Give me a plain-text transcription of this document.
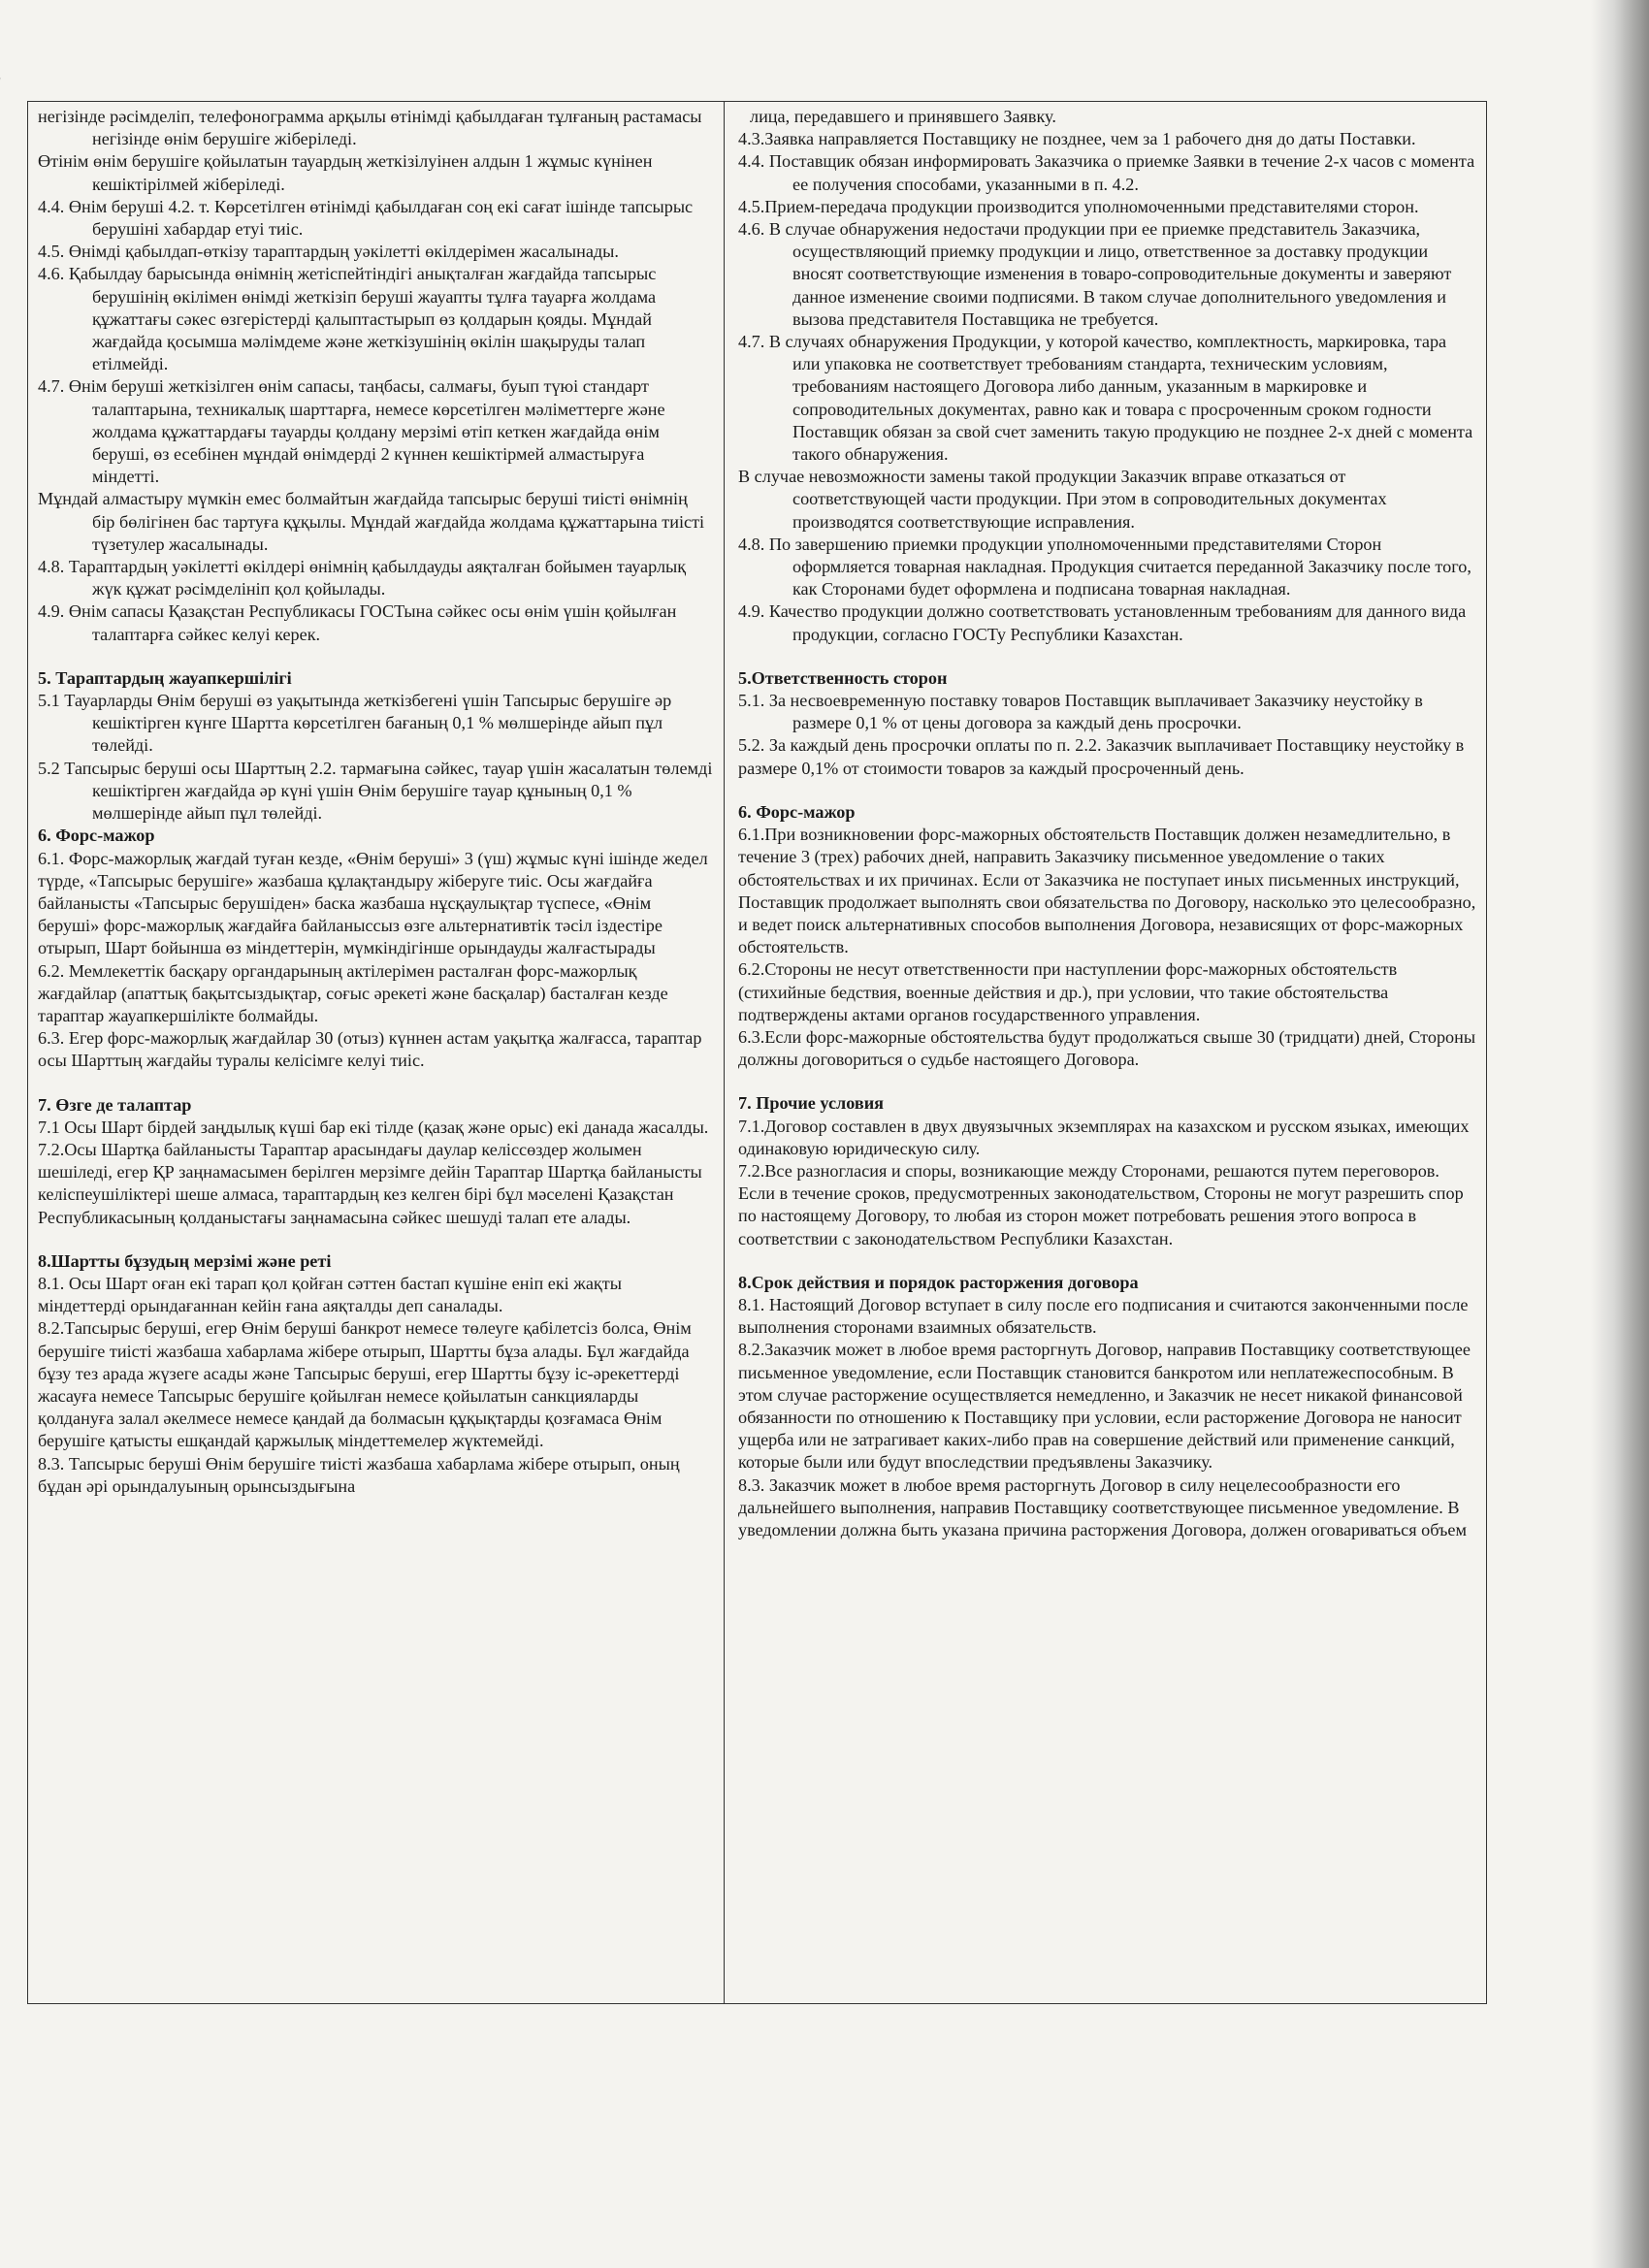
негізінде рәсімделіп, телефонограмма арқылы өтінімді қабылдаған тұлғаның растамасы негізінде өнім берушіге жіберіледі.

Өтінім өнім берушіге қойылатын тауардың жеткізілуінен алдын 1 жұмыс күнінен кешіктірілмей жіберіледі.

4.4. Өнім беруші 4.2. т. Көрсетілген өтінімді қабылдаған соң екі сағат ішінде тапсырыс берушіні хабардар етуі тиіс.

4.5. Өнімді қабылдап-өткізу тараптардың уәкілетті өкілдерімен жасалынады.

4.6. Қабылдау барысында өнімнің жетіспейтіндігі анықталған жағдайда тапсырыс берушінің өкілімен өнімді жеткізіп беруші жауапты тұлға тауарға жолдама құжаттағы сәкес өзгерістерді қалыптастырып өз қолдарын қояды. Мұндай жағдайда қосымша мәлімдеме және жеткізушінің өкілін шақыруды талап етілмейді.

4.7. Өнім беруші жеткізілген өнім сапасы, таңбасы, салмағы, буып түюі стандарт талаптарына, техникалық шарттарға, немесе көрсетілген мәліметтерге және жолдама құжаттардағы тауарды қолдану мерзімі өтіп кеткен жағдайда өнім беруші, өз есебінен мұндай өнімдерді 2 күннен кешіктірмей алмастыруға міндетті.

Мұндай алмастыру мүмкін емес болмайтын жағдайда тапсырыс беруші тиісті өнімнің бір бөлігінен бас тартуға құқылы. Мұндай жағдайда жолдама құжаттарына тиісті түзетулер жасалынады.

4.8. Тараптардың уәкілетті өкілдері өнімнің қабылдауды аяқталған бойымен тауарлық жүк құжат рәсімделініп қол қойылады.

4.9. Өнім сапасы Қазақстан Республикасы ГОСТына сәйкес осы өнім үшін қойылған талаптарға сәйкес келуі керек.

5. Тараптардың жауапкершілігі

5.1 Тауарларды Өнім беруші өз уақытында жеткізбегені үшін Тапсырыс берушіге әр кешіктірген күнге Шартта көрсетілген бағаның 0,1 % мөлшерінде айып пұл төлейді.

5.2 Тапсырыс беруші осы Шарттың 2.2. тармағына сәйкес, тауар үшін жасалатын төлемді кешіктірген жағдайда әр күні үшін Өнім берушіге тауар құнының 0,1 % мөлшерінде айып пұл төлейді.

6. Форс-мажор

6.1. Форс-мажорлық жағдай туған кезде, «Өнім беруші» 3 (үш) жұмыс күні ішінде жедел түрде, «Тапсырыс берушіге» жазбаша құлақтандыру жіберуге тиіс. Осы жағдайға байланысты «Тапсырыс берушіден» баска жазбаша нұсқаулықтар түспесе, «Өнім беруші» форс-мажорлық жағдайға байланыссыз өзге альтернативтік тәсіл іздестіре отырып, Шарт бойынша өз міндеттерін, мүмкіндігінше орындауды жалғастырады

6.2. Мемлекеттік басқару органдарының актілерімен расталған форс-мажорлық жағдайлар (апаттық бақытсыздықтар, соғыс әрекеті және басқалар) басталған кезде тараптар жауапкершілікте болмайды.

6.3. Егер форс-мажорлық жағдайлар 30 (отыз) күннен астам уақытқа жалғасса, тараптар осы Шарттың жағдайы туралы келісімге келуі тиіс.

7. Өзге де талаптар

7.1 Осы Шарт бірдей заңдылық күші бар екі тілде (қазақ және орыс) екі данада жасалды.

7.2.Осы Шартқа байланысты Тараптар арасындағы дaулар келіссөздер жолымен шешіледі, егер ҚР заңнамасымен берілген мерзімге дейін Тараптар Шартқа байланысты келіспеушіліктері шеше алмаса, тараптардың кез келген бірі бұл мәселені Қазақстан Республикасының қолданыстағы заңнамасына сәйкес шешуді талап ете алады.

8.Шартты бұзудың мерзімі және реті

8.1. Осы Шарт оған екі тарап қол қойған сәттен бастап күшіне еніп екі жақты міндеттерді орындағаннан кейін ғана аяқталды деп саналады.

8.2.Тапсырыс беруші, егер Өнім беруші банкрот немесе төлеуге қабілетсіз болса, Өнім берушіге тиісті жазбаша хабарлама жібере отырып, Шартты бұза алады. Бұл жағдайда бұзу тез арада жүзеге асады және Тапсырыс беруші, егер Шартты бұзу іс-әрекеттерді жасауға немесе Тапсырыс берушіге қойылған немесе қойылатын санкцияларды қолдануға залал әкелмесе немесе қандай да болмасын құқықтарды қозғамаса Өнім берушіге қатысты ешқандай қаржылық міндеттемелер жүктемейді.

8.3. Тапсырыс беруші Өнім берушіге тиісті жазбаша хабарлама жібере отырып, оның бұдан әрі орындалуының орынсыздығына

лица, передавшего и принявшего Заявку.

4.3.Заявка направляется Поставщику не позднее, чем за 1 рабочего дня до даты Поставки.

4.4. Поставщик обязан информировать Заказчика о приемке Заявки в течение 2-х часов с момента ее получения способами, указанными в п. 4.2.

4.5.Прием-передача продукции производится уполномоченными представителями сторон.

4.6. В случае обнаружения недостачи продукции при ее приемке представитель Заказчика, осуществляющий приемку продукции и лицо, ответственное за доставку продукции вносят соответствующие изменения в товаро-сопроводительные документы и заверяют данное изменение своими подписями. В таком случае дополнительного уведомления и вызова представителя Поставщика не требуется.

4.7. В случаях обнаружения Продукции, у которой качество, комплектность, маркировка, тара или упаковка не соответствует требованиям стандарта, техническим условиям, требованиям настоящего Договора либо данным, указанным в маркировке и сопроводительных документах, равно как и товара с просроченным сроком годности Поставщик обязан за свой счет заменить такую продукцию не позднее 2-х дней с момента такого обнаружения.

В случае невозможности замены такой продукции Заказчик вправе отказаться от соответствующей части продукции. При этом в сопроводительных документах производятся соответствующие исправления.

4.8. По завершению приемки продукции уполномоченными представителями Сторон оформляется товарная накладная. Продукция считается переданной Заказчику после того, как Сторонами будет оформлена и подписана товарная накладная.

4.9. Качество продукции должно соответствовать установленным требованиям для данного вида продукции, согласно ГОСТу Республики Казахстан.

5.Ответственность сторон

5.1. За несвоевременную поставку товаров Поставщик выплачивает Заказчику неустойку в размере 0,1 % от цены договора за каждый день просрочки.

5.2. За каждый день просрочки оплаты по п. 2.2. Заказчик выплачивает Поставщику неустойку в размере 0,1% от стоимости товаров за каждый просроченный день.

6. Форс-мажор

6.1.При возникновении форс-мажорных обстоятельств Поставщик должен незамедлительно, в течение 3 (трех) рабочих дней, направить Заказчику письменное уведомление о таких обстоятельствах и их причинах. Если от Заказчика не поступает иных письменных инструкций, Поставщик продолжает выполнять свои обязательства по Договору, насколько это целесообразно, и ведет поиск альтернативных способов выполнения Договора, независящих от форс-мажорных обстоятельств.

6.2.Стороны не несут ответственности при наступлении форс-мажорных обстоятельств (стихийные бедствия, военные действия и др.), при условии, что такие обстоятельства подтверждены актами органов государственного управления.

6.3.Если форс-мажорные обстоятельства будут продолжаться свыше 30 (тридцати) дней, Стороны должны договориться о судьбе настоящего Договора.

7. Прочие условия

7.1.Договор составлен в двух двуязычных экземплярах на казахском и русском языках, имеющих одинаковую юридическую силу.

7.2.Все разногласия и споры, возникающие между Сторонами, решаются путем переговоров. Если в течение сроков, предусмотренных законодательством, Стороны не могут разрешить спор по настоящему Договору, то любая из сторон может потребовать решения этого вопроса в соответствии с законодательством Республики Казахстан.

8.Срок действия и порядок расторжения договора

8.1. Настоящий Договор вступает в силу после его подписания и считаются законченными после выполнения сторонами взаимных обязательств.

8.2.Заказчик может в любое время расторгнуть Договор, направив Поставщику соответствующее письменное уведомление, если Поставщик становится банкротом или неплатежеспособным. В этом случае расторжение осуществляется немедленно, и Заказчик не несет никакой финансовой обязанности по отношению к Поставщику при условии, если расторжение Договора не наносит ущерба или не затрагивает каких-либо прав на совершение действий или применение санкций, которые были или будут впоследствии предъявлены Заказчику.

8.3. Заказчик может в любое время расторгнуть Договор в силу нецелесообразности его дальнейшего выполнения, направив Поставщику соответствующее письменное уведомление. В уведомлении должна быть указана причина расторжения Договора, должен оговариваться объем
